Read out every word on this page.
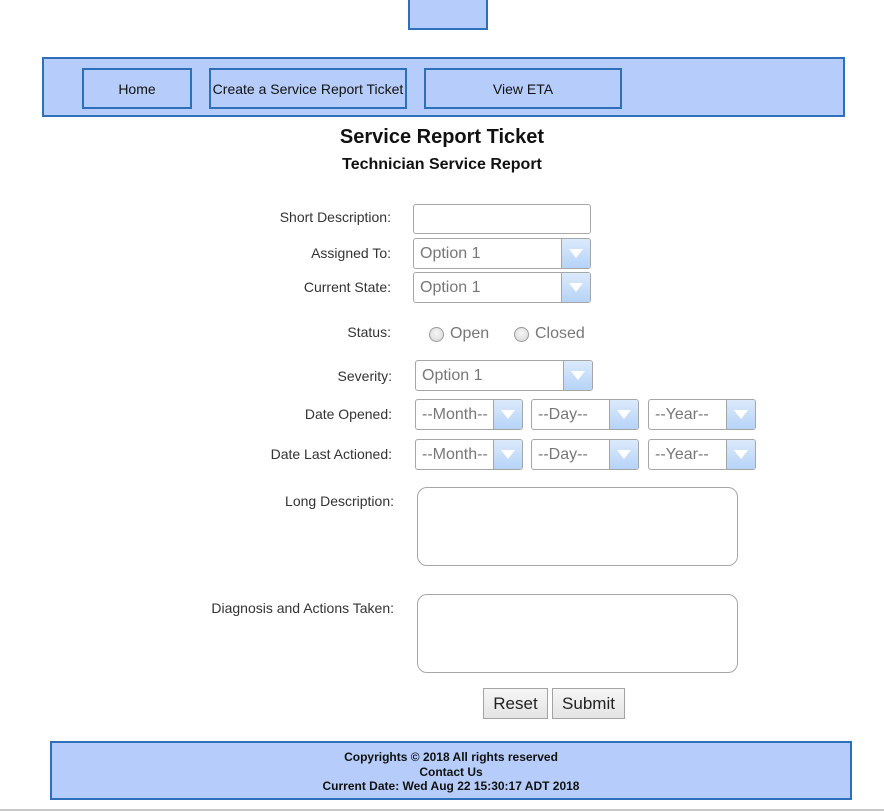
Home	Create a Service Report Ticket	View ETA
Service Report Ticket
Technician Service Report
Short Description:
Assigned To:	Option 1
Current State:	Option 1
Status:	Open	Closed
Severity:	Option 1
Date Opened:	--Month--	--Day--	--Year--
Date Last Actioned:	--Month--	--Day--	--Year--
Long Description:
Diagnosis and Actions Taken:
Reset	Submit
Copyrights © 2018 All rights reserved
Contact Us
Current Date: Wed Aug 22 15:30:17 ADT 2018
